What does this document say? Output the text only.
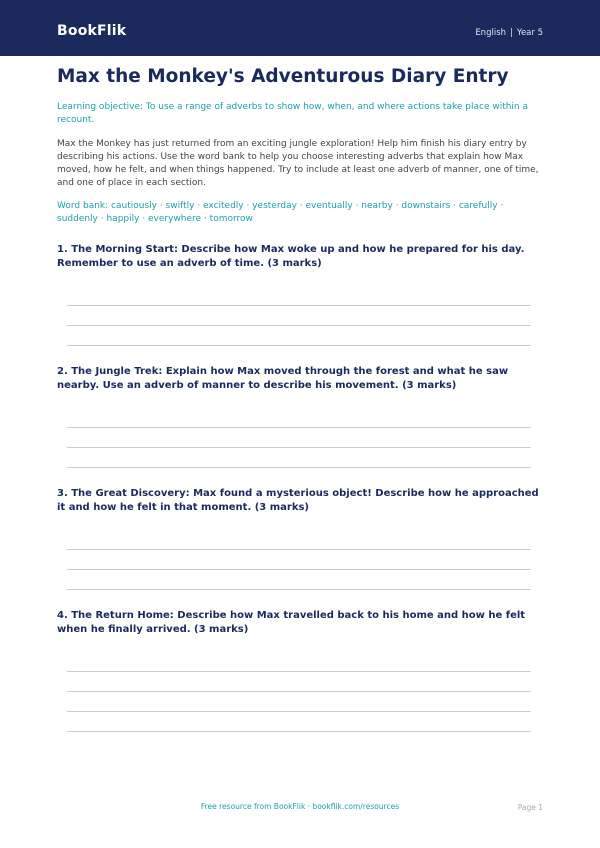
BookFlik	English | Year 5
Max the Monkey's Adventurous Diary Entry
Learning objective: To use a range of adverbs to show how, when, and where actions take place within a recount.
Max the Monkey has just returned from an exciting jungle exploration! Help him finish his diary entry by describing his actions. Use the word bank to help you choose interesting adverbs that explain how Max moved, how he felt, and when things happened. Try to include at least one adverb of manner, one of time, and one of place in each section.
Word bank: cautiously · swiftly · excitedly · yesterday · eventually · nearby · downstairs · carefully · suddenly · happily · everywhere · tomorrow
1. The Morning Start: Describe how Max woke up and how he prepared for his day. Remember to use an adverb of time. (3 marks)
2. The Jungle Trek: Explain how Max moved through the forest and what he saw nearby. Use an adverb of manner to describe his movement. (3 marks)
3. The Great Discovery: Max found a mysterious object! Describe how he approached it and how he felt in that moment. (3 marks)
4. The Return Home: Describe how Max travelled back to his home and how he felt when he finally arrived. (3 marks)
Free resource from BookFlik · bookflik.com/resources	Page 1
